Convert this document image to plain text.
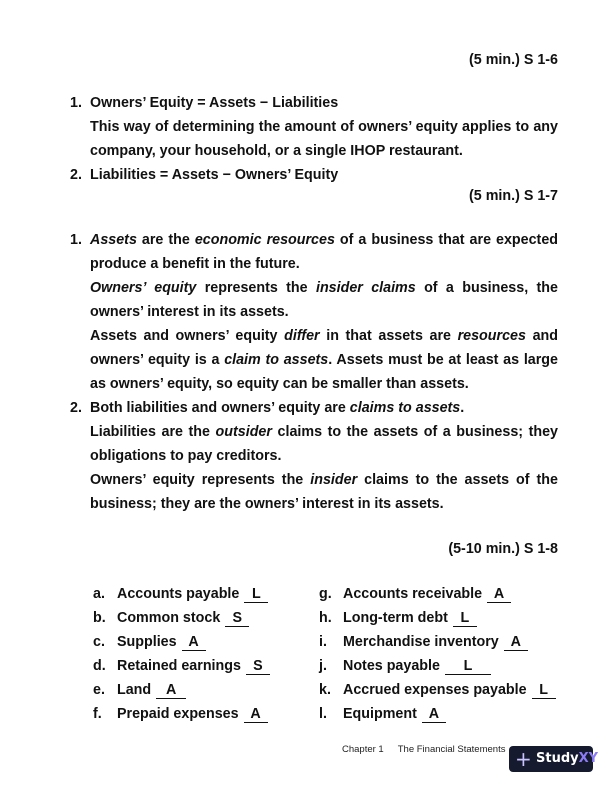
(5 min.) S 1-6
1. Owners’ Equity = Assets − Liabilities
This way of determining the amount of owners’ equity applies to any
company, your household, or a single IHOP restaurant.
2. Liabilities = Assets − Owners’ Equity
(5 min.) S 1-7
1. Assets are the economic resources of a business that are expected
produce a benefit in the future.
Owners’ equity represents the insider claims of a business, the
owners’ interest in its assets.
Assets and owners’ equity differ in that assets are resources and
owners’ equity is a claim to assets. Assets must be at least as large
as owners’ equity, so equity can be smaller than assets.
2. Both liabilities and owners’ equity are claims to assets.
Liabilities are the outsider claims to the assets of a business; they
obligations to pay creditors.
Owners’ equity represents the insider claims to the assets of the
business; they are the owners’ interest in its assets.
(5-10 min.) S 1-8
a. Accounts payable L
b. Common stock S
c. Supplies A
d. Retained earnings S
e. Land A
f. Prepaid expenses A
g. Accounts receivable A
h. Long-term debt L
i. Merchandise inventory A
j. Notes payable L
k. Accrued expenses payable L
l. Equipment A
Chapter 1 The Financial Statements + StudyXY
